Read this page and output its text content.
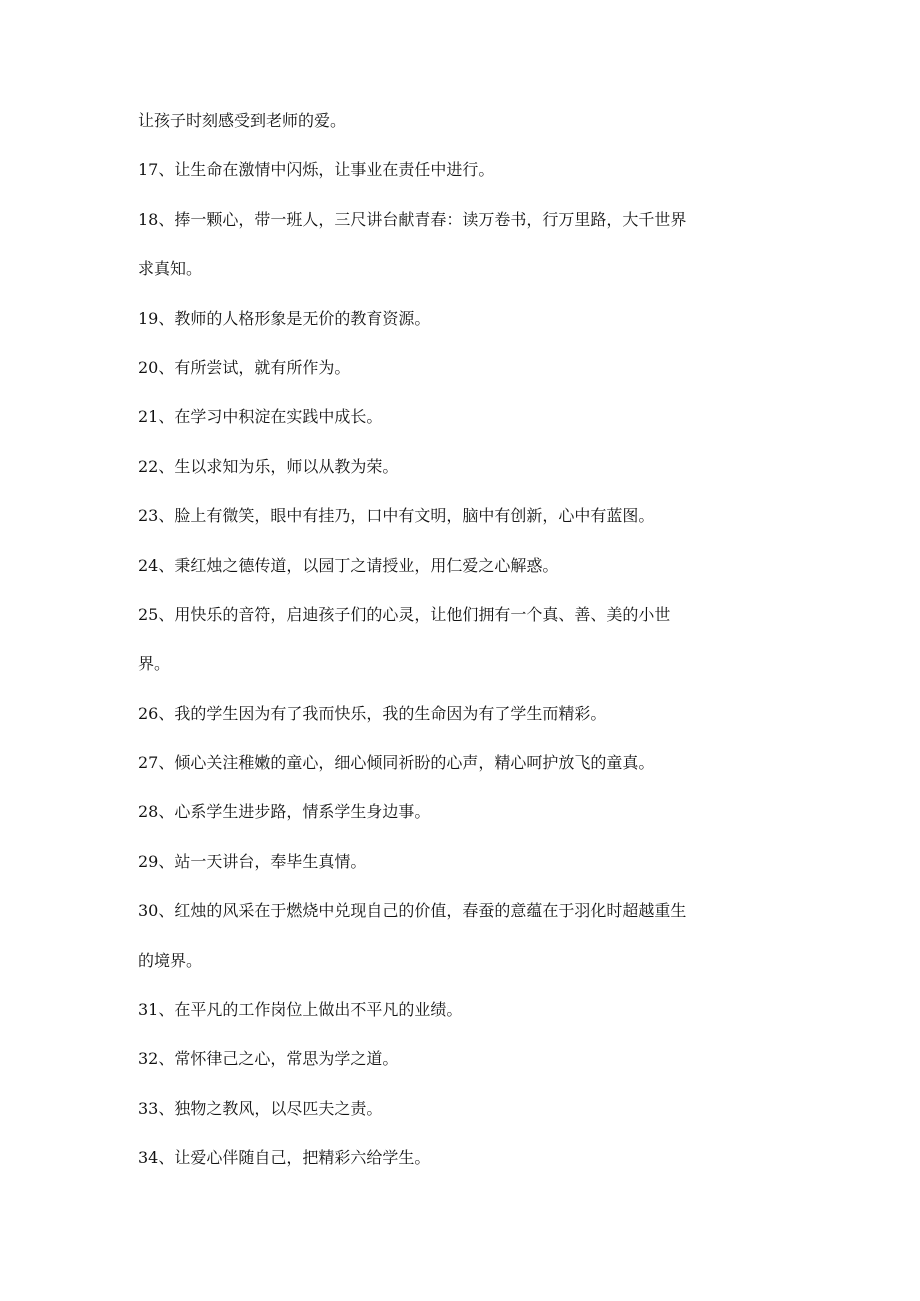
让孩子时刻感受到老师的爱。
17、让生命在激情中闪烁，让事业在责任中进行。
18、捧一颗心，带一班人，三尺讲台献青春：读万卷书，行万里路，大千世界
求真知。
19、教师的人格形象是无价的教育资源。
20、有所尝试，就有所作为。
21、在学习中积淀在实践中成长。
22、生以求知为乐，师以从教为荣。
23、脸上有微笑，眼中有挂乃，口中有文明，脑中有创新，心中有蓝图。
24、秉红烛之德传道，以园丁之请授业，用仁爱之心解惑。
25、用快乐的音符，启迪孩子们的心灵，让他们拥有一个真、善、美的小世
界。
26、我的学生因为有了我而快乐，我的生命因为有了学生而精彩。
27、倾心关注稚嫩的童心，细心倾同祈盼的心声，精心呵护放飞的童真。
28、心系学生进步路，情系学生身边事。
29、站一天讲台，奉毕生真情。
30、红烛的风采在于燃烧中兑现自己的价值，春蚕的意蕴在于羽化时超越重生
的境界。
31、在平凡的工作岗位上做出不平凡的业绩。
32、常怀律己之心，常思为学之道。
33、独物之教风，以尽匹夫之责。
34、让爱心伴随自己，把精彩六给学生。
